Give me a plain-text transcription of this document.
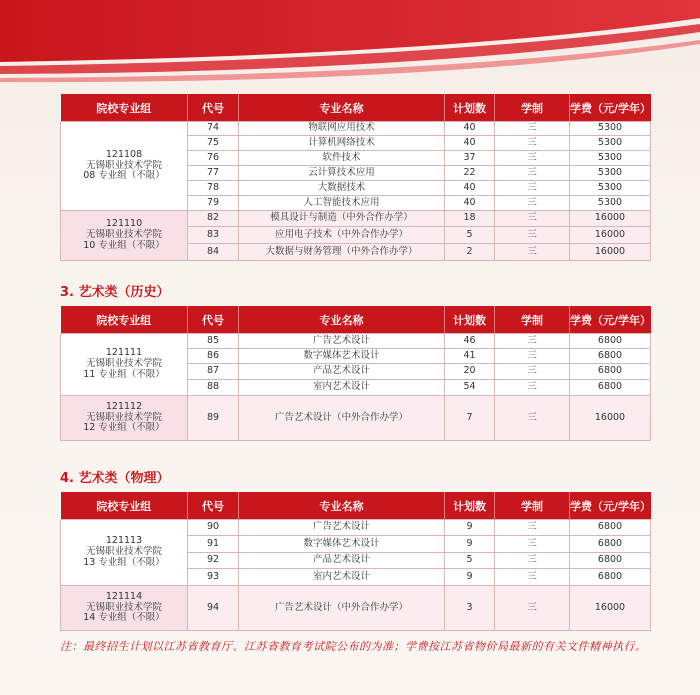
院校专业组	代号	专业名称	计划数	学制	学费（元/学年）

121108
无锡职业技术学院
08 专业组（不限）	74	物联网应用技术	40	三	5300
	75	计算机网络技术	40	三	5300
	76	软件技术	37	三	5300
	77	云计算技术应用	22	三	5300
	78	大数据技术	40	三	5300
	79	人工智能技术应用	40	三	5300

121110
无锡职业技术学院
10 专业组（不限）	82	模具设计与制造（中外合作办学）	18	三	16000
	83	应用电子技术（中外合作办学）	5	三	16000
	84	大数据与财务管理（中外合作办学）	2	三	16000
3. 艺术类（历史）
院校专业组	代号	专业名称	计划数	学制	学费（元/学年）

121111
无锡职业技术学院
11 专业组（不限）	85	广告艺术设计	46	三	6800
	86	数字媒体艺术设计	41	三	6800
	87	产品艺术设计	20	三	6800
	88	室内艺术设计	54	三	6800

121112
无锡职业技术学院
12 专业组（不限）	89	广告艺术设计（中外合作办学）	7	三	16000
4. 艺术类（物理）
院校专业组	代号	专业名称	计划数	学制	学费（元/学年）

121113
无锡职业技术学院
13 专业组（不限）	90	广告艺术设计	9	三	6800
	91	数字媒体艺术设计	9	三	6800
	92	产品艺术设计	5	三	6800
	93	室内艺术设计	9	三	6800

121114
无锡职业技术学院
14 专业组（不限）	94	广告艺术设计（中外合作办学）	3	三	16000
注：最终招生计划以江苏省教育厅、江苏省教育考试院公布的为准；学费按江苏省物价局最新的有关文件精神执行。
